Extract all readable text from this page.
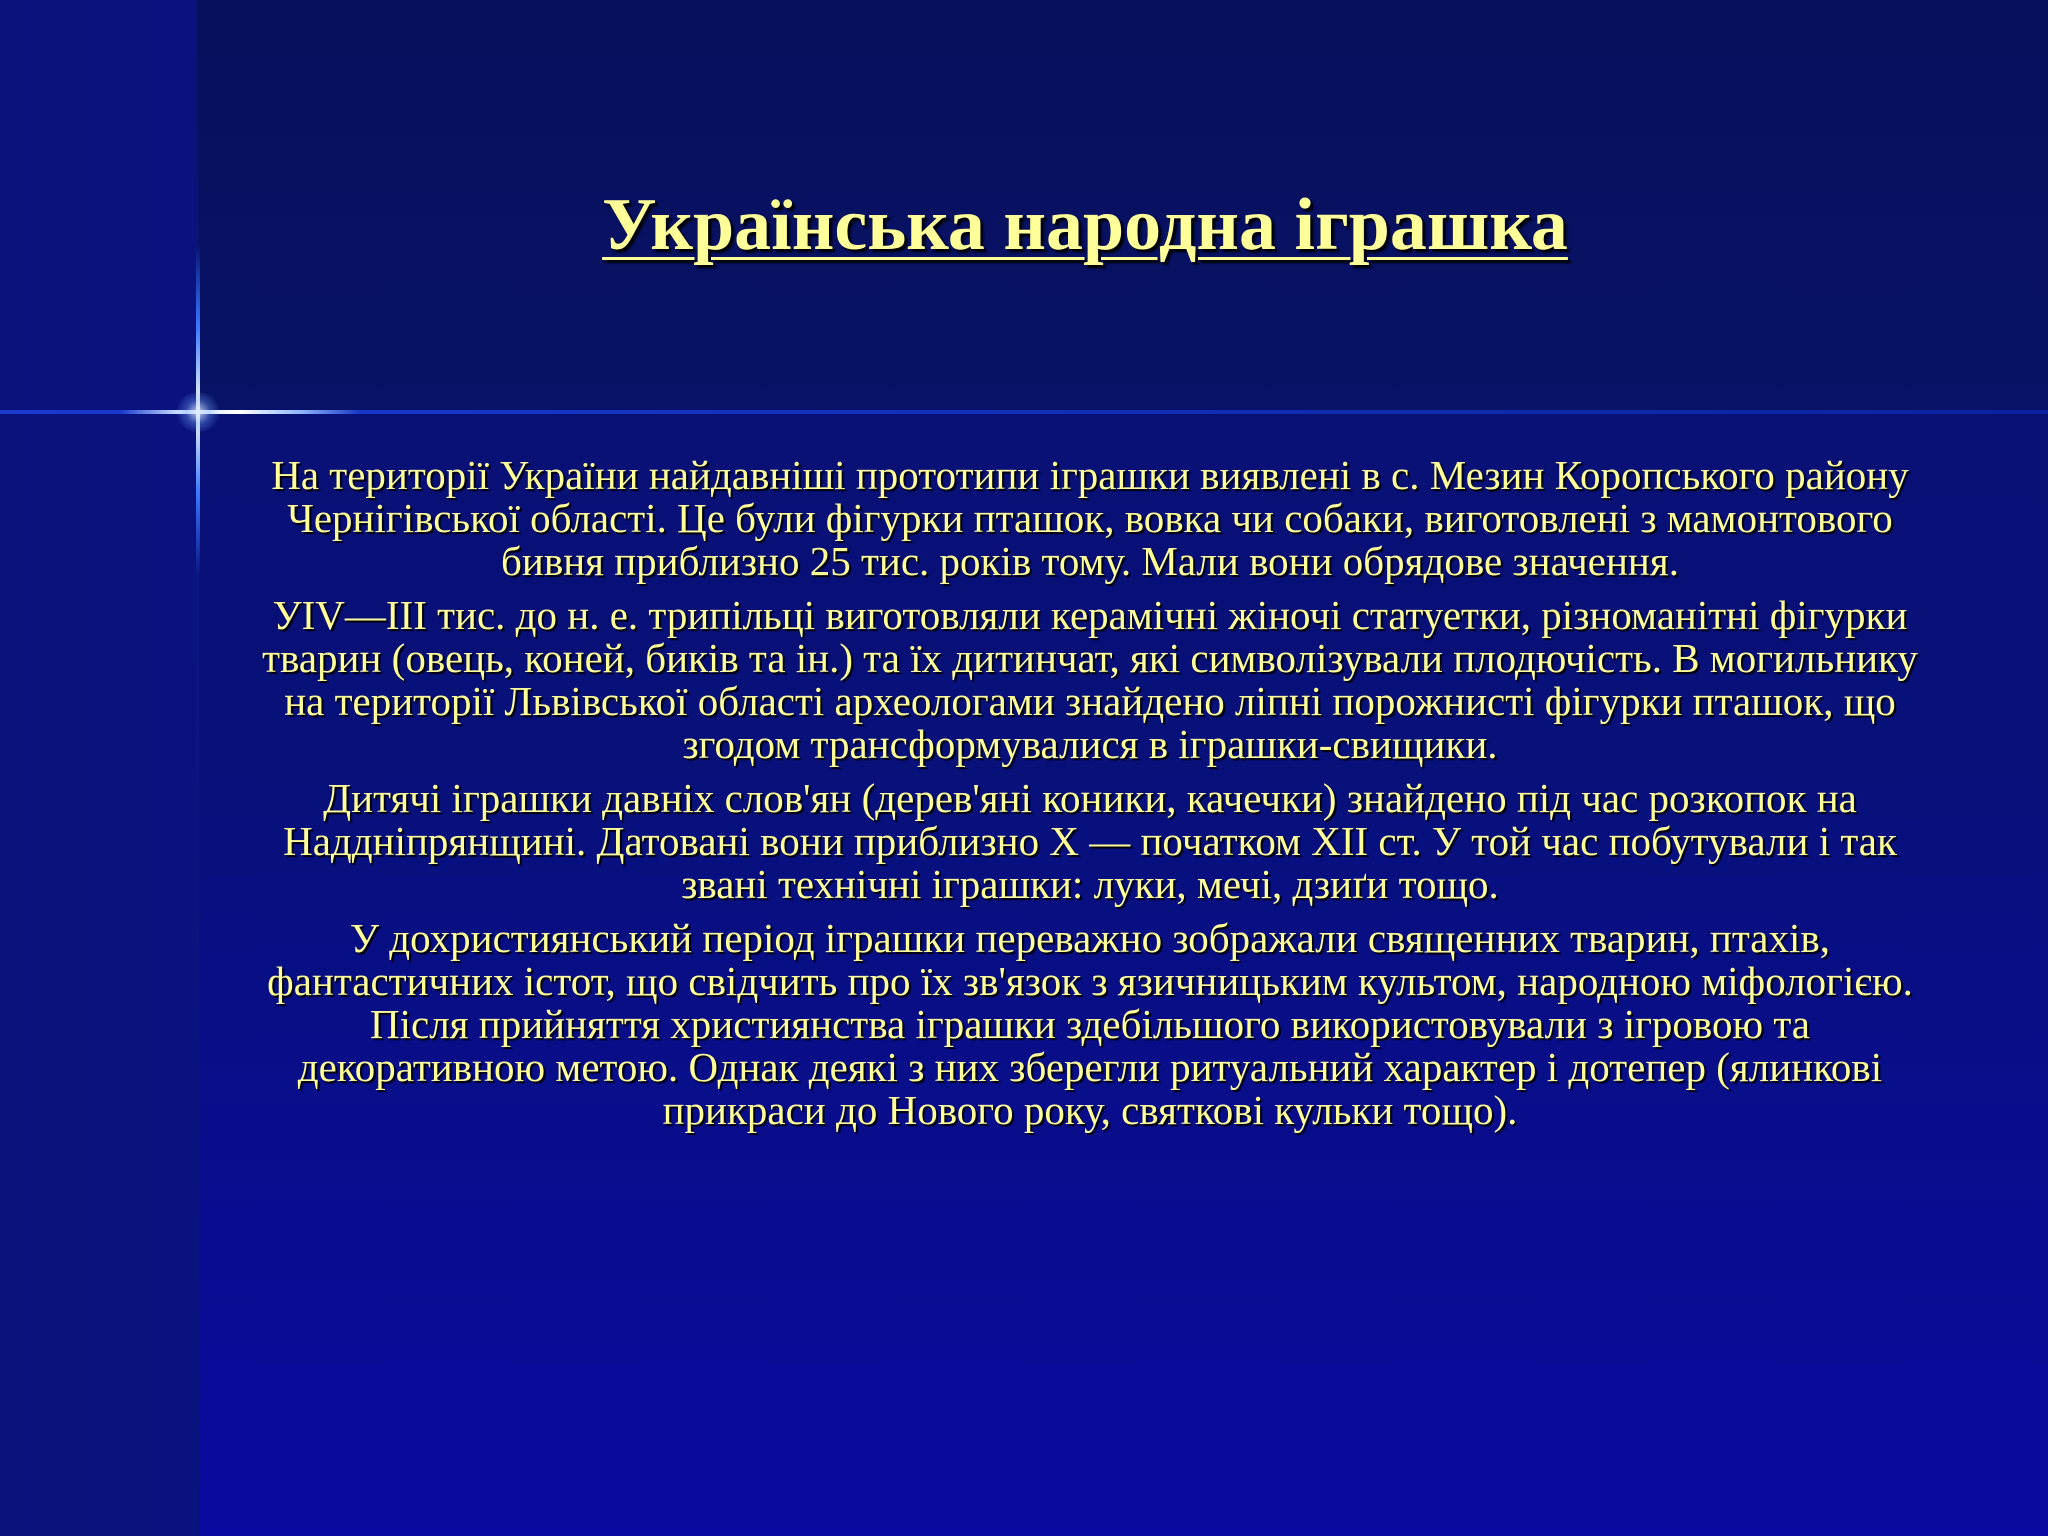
Українська народна іграшка

На території України найдавніші прототипи іграшки виявлені в с. Мезин Коропського району Чернігівської області. Це були фігурки пташок, вовка чи собаки, виготовлені з мамонтового бивня приблизно 25 тис. років тому. Мали вони обрядове значення.

УIV—III тис. до н. е. трипільці виготовляли керамічні жіночі статуетки, різноманітні фігурки тварин (овець, коней, биків та ін.) та їх дитинчат, які символізували плодючість. В могильнику на території Львівської області археологами знайдено ліпні порожнисті фігурки пташок, що згодом трансформувалися в іграшки-свищики.

Дитячі іграшки давніх слов'ян (дерев'яні коники, качечки) знайдено під час розкопок на Наддніпрянщині. Датовані вони приблизно X — початком XII ст. У той час побутували і так звані технічні іграшки: луки, мечі, дзиґи тощо.

У дохристиянський період іграшки переважно зображали священних тварин, птахів, фантастичних істот, що свідчить про їх зв'язок з язичницьким культом, народною міфологією. Після прийняття християнства іграшки здебільшого використовували з ігровою та декоративною метою. Однак деякі з них зберегли ритуальний характер і дотепер (ялинкові прикраси до Нового року, святкові кульки тощо).
